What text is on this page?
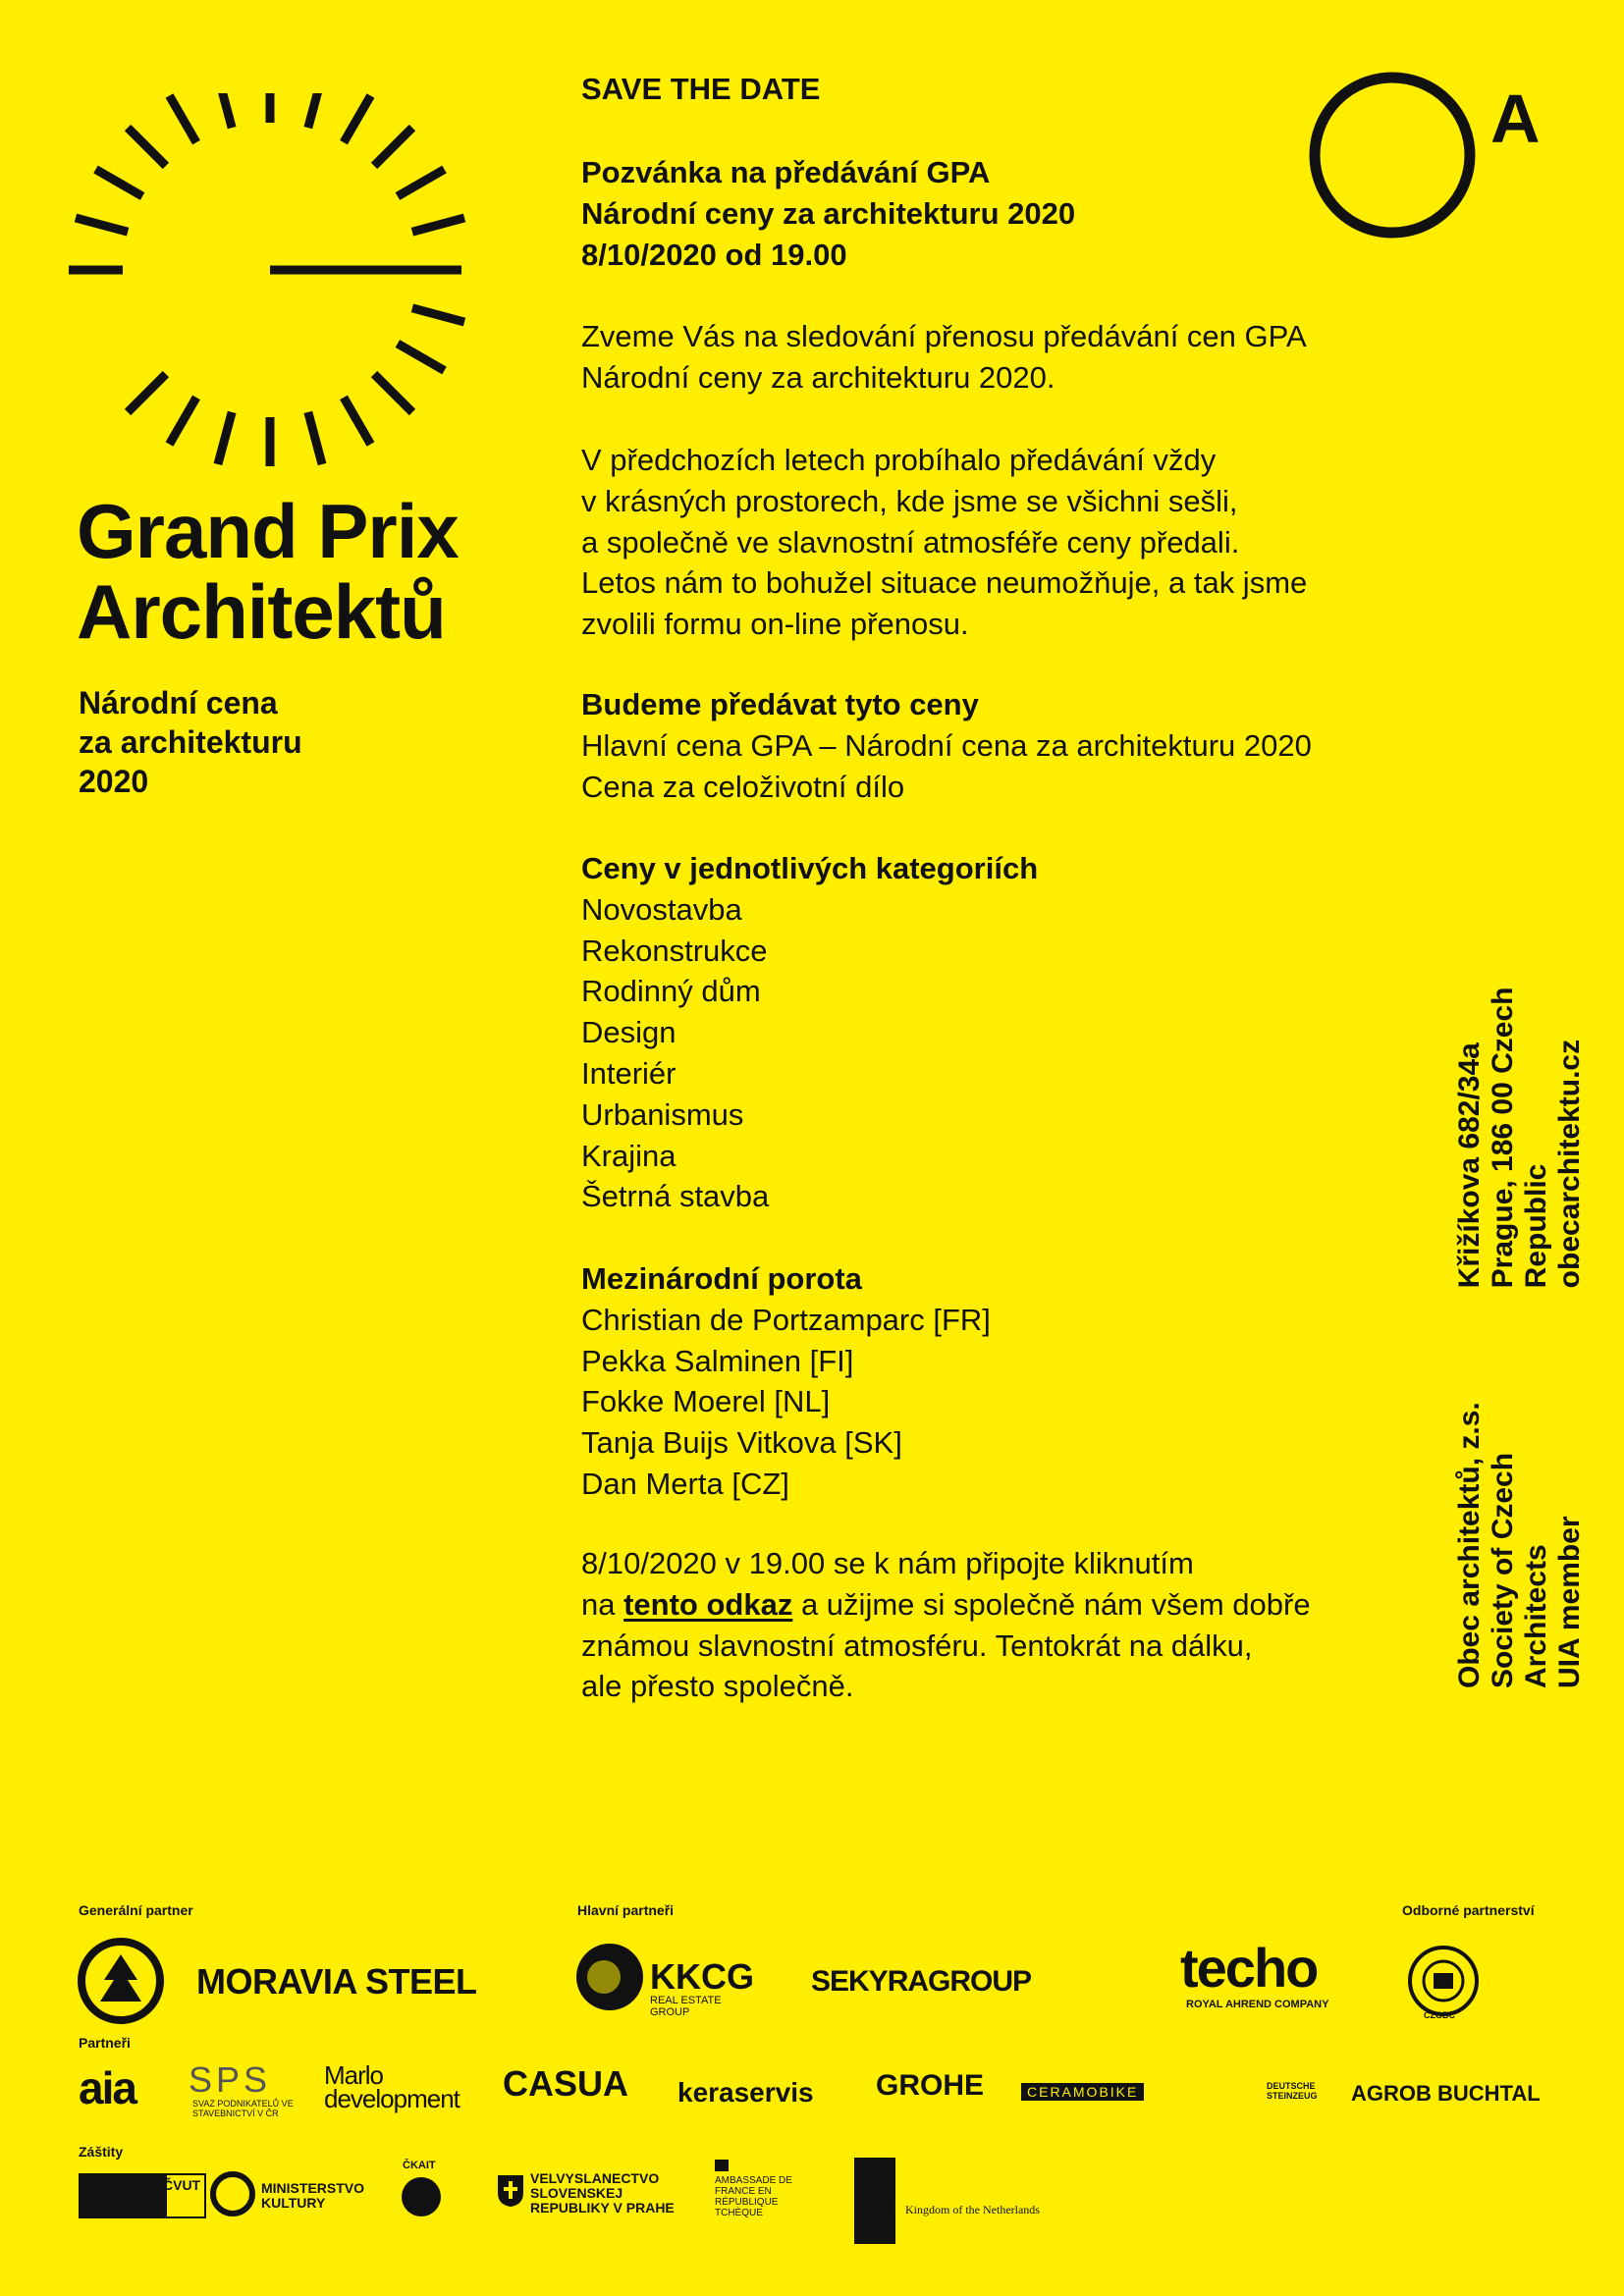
Grand Prix
Architektů
Národní cena
za architekturu
2020
SAVE THE DATE

Pozvánka na předávání GPA

Národní ceny za architekturu 2020

8/10/2020 od 19.00

Zveme Vás na sledování přenosu předávání cen GPA

Národní ceny za architekturu 2020.

V předchozích letech probíhalo předávání vždy

v krásných prostorech, kde jsme se všichni sešli,

a společně ve slavnostní atmosféře ceny předali.

Letos nám to bohužel situace neumožňuje, a tak jsme

zvolili formu on-line přenosu.

Budeme předávat tyto ceny

Hlavní cena GPA – Národní cena za architekturu 2020

Cena za celoživotní dílo

Ceny v jednotlivých kategoriích

Novostavba

Rekonstrukce

Rodinný dům

Design

Interiér

Urbanismus

Krajina

Šetrná stavba

Mezinárodní porota

Christian de Portzamparc [FR]

Pekka Salminen [FI]

Fokke Moerel [NL]

Tanja Buijs Vitkova [SK]

Dan Merta [CZ]

8/10/2020 v 19.00 se k nám připojte kliknutím

na tento odkaz a užijme si společně nám všem dobře

známou slavnostní atmosféru. Tentokrát na dálku,

ale přesto společně.

A
Obec architektů, z.s. Society of Czech Architects UIA member
Křižíkova 682/34a Prague, 186 00 Czech Republic obecarchitektu.cz
Generální partner	Hlavní partneři	Odborné partnerství
MORAVIA STEEL	KKCG
REAL ESTATE GROUP
SEKYRAGROUP	techo
ROYAL AHREND COMPANY
CZGBC
Partneři
aia SPS
SVAZ PODNIKATELŮ VE STAVEBNICTVÍ V ČR
Marlo development	CASUA keraservis GROHE	CERAMOBIKE	DEUTSCHE STEINZEUG	AGROB BUCHTAL
Záštity
ČVUT	MINISTERSTVO KULTURY
ČKAIT
VELVYSLANECTVO SLOVENSKEJ REPUBLIKY V PRAHE
AMBASSADE DE FRANCE EN RÉPUBLIQUE TCHÈQUE	Kingdom of the Netherlands
